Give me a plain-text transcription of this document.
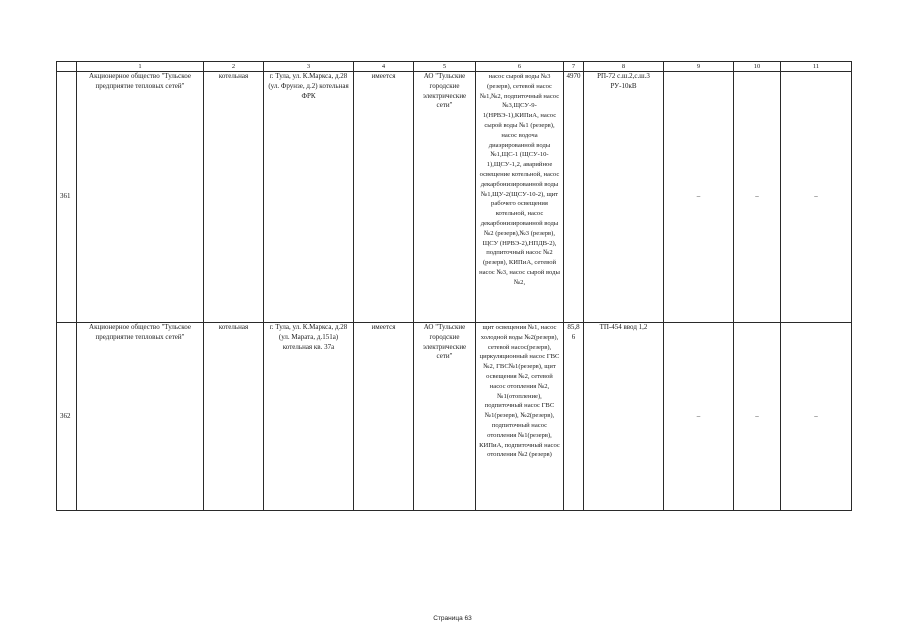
	1	2	3	4	5	6	7	8	9	10	11
361	Акционерное общество "Тульское предприятие тепловых сетей"	котельная	г. Тула, ул. К.Маркса, д.28 (ул. Фрунзе, д.2) котельная ФРК	имеется	АО "Тульские городские электрические сети"	насос сырой воды №3 (резерв), сетевой насос №1,№2, подпиточный насос №3,ЩСУ-9-1(НРВЭ-1),КИПиА, насос сырой воды №1 (резерв), насос водоча диаэрированной воды №1,ЩС-1 (ЩСУ-10-1),ЩСУ-1,2, аварийное освещение котельной, насос декарбонизированной воды №1,ЩУ-2(ЩСУ-10-2), щит рабочего освещения котельной, насос декарбонизированной воды №2 (резерв),№3 (резерв), ЩСУ (НРВЭ-2),НПДВ-2), подпиточный насос №2 (резерв), КИПиА, сетевой насос №3, насос сырой воды №2,	4970	РП-72 с.ш.2,с.ш.3 РУ-10кВ	–	–	–
362	Акционерное общество "Тульское предприятие тепловых сетей"	котельная	г. Тула, ул. К.Маркса, д.28 (ул. Марата, д.151а) котельная кв. 37а	имеется	АО "Тульские городские электрические сети"	щит освещения №1, насос холодной воды №2(резерв), сетевой насос(резерв), циркуляционный насос ГВС №2, ГВС№1(резерв), щит освещения №2, сетевой насос отопления №2, №1(отопление), подпиточный насос ГВС №1(резерв), №2(резерв), подпиточный насос отопления №1(резерв), КИПиА, подпиточный насос отопления №2 (резерв)	85,86	ТП-454 ввод 1,2	–	–	–
Страница 63
